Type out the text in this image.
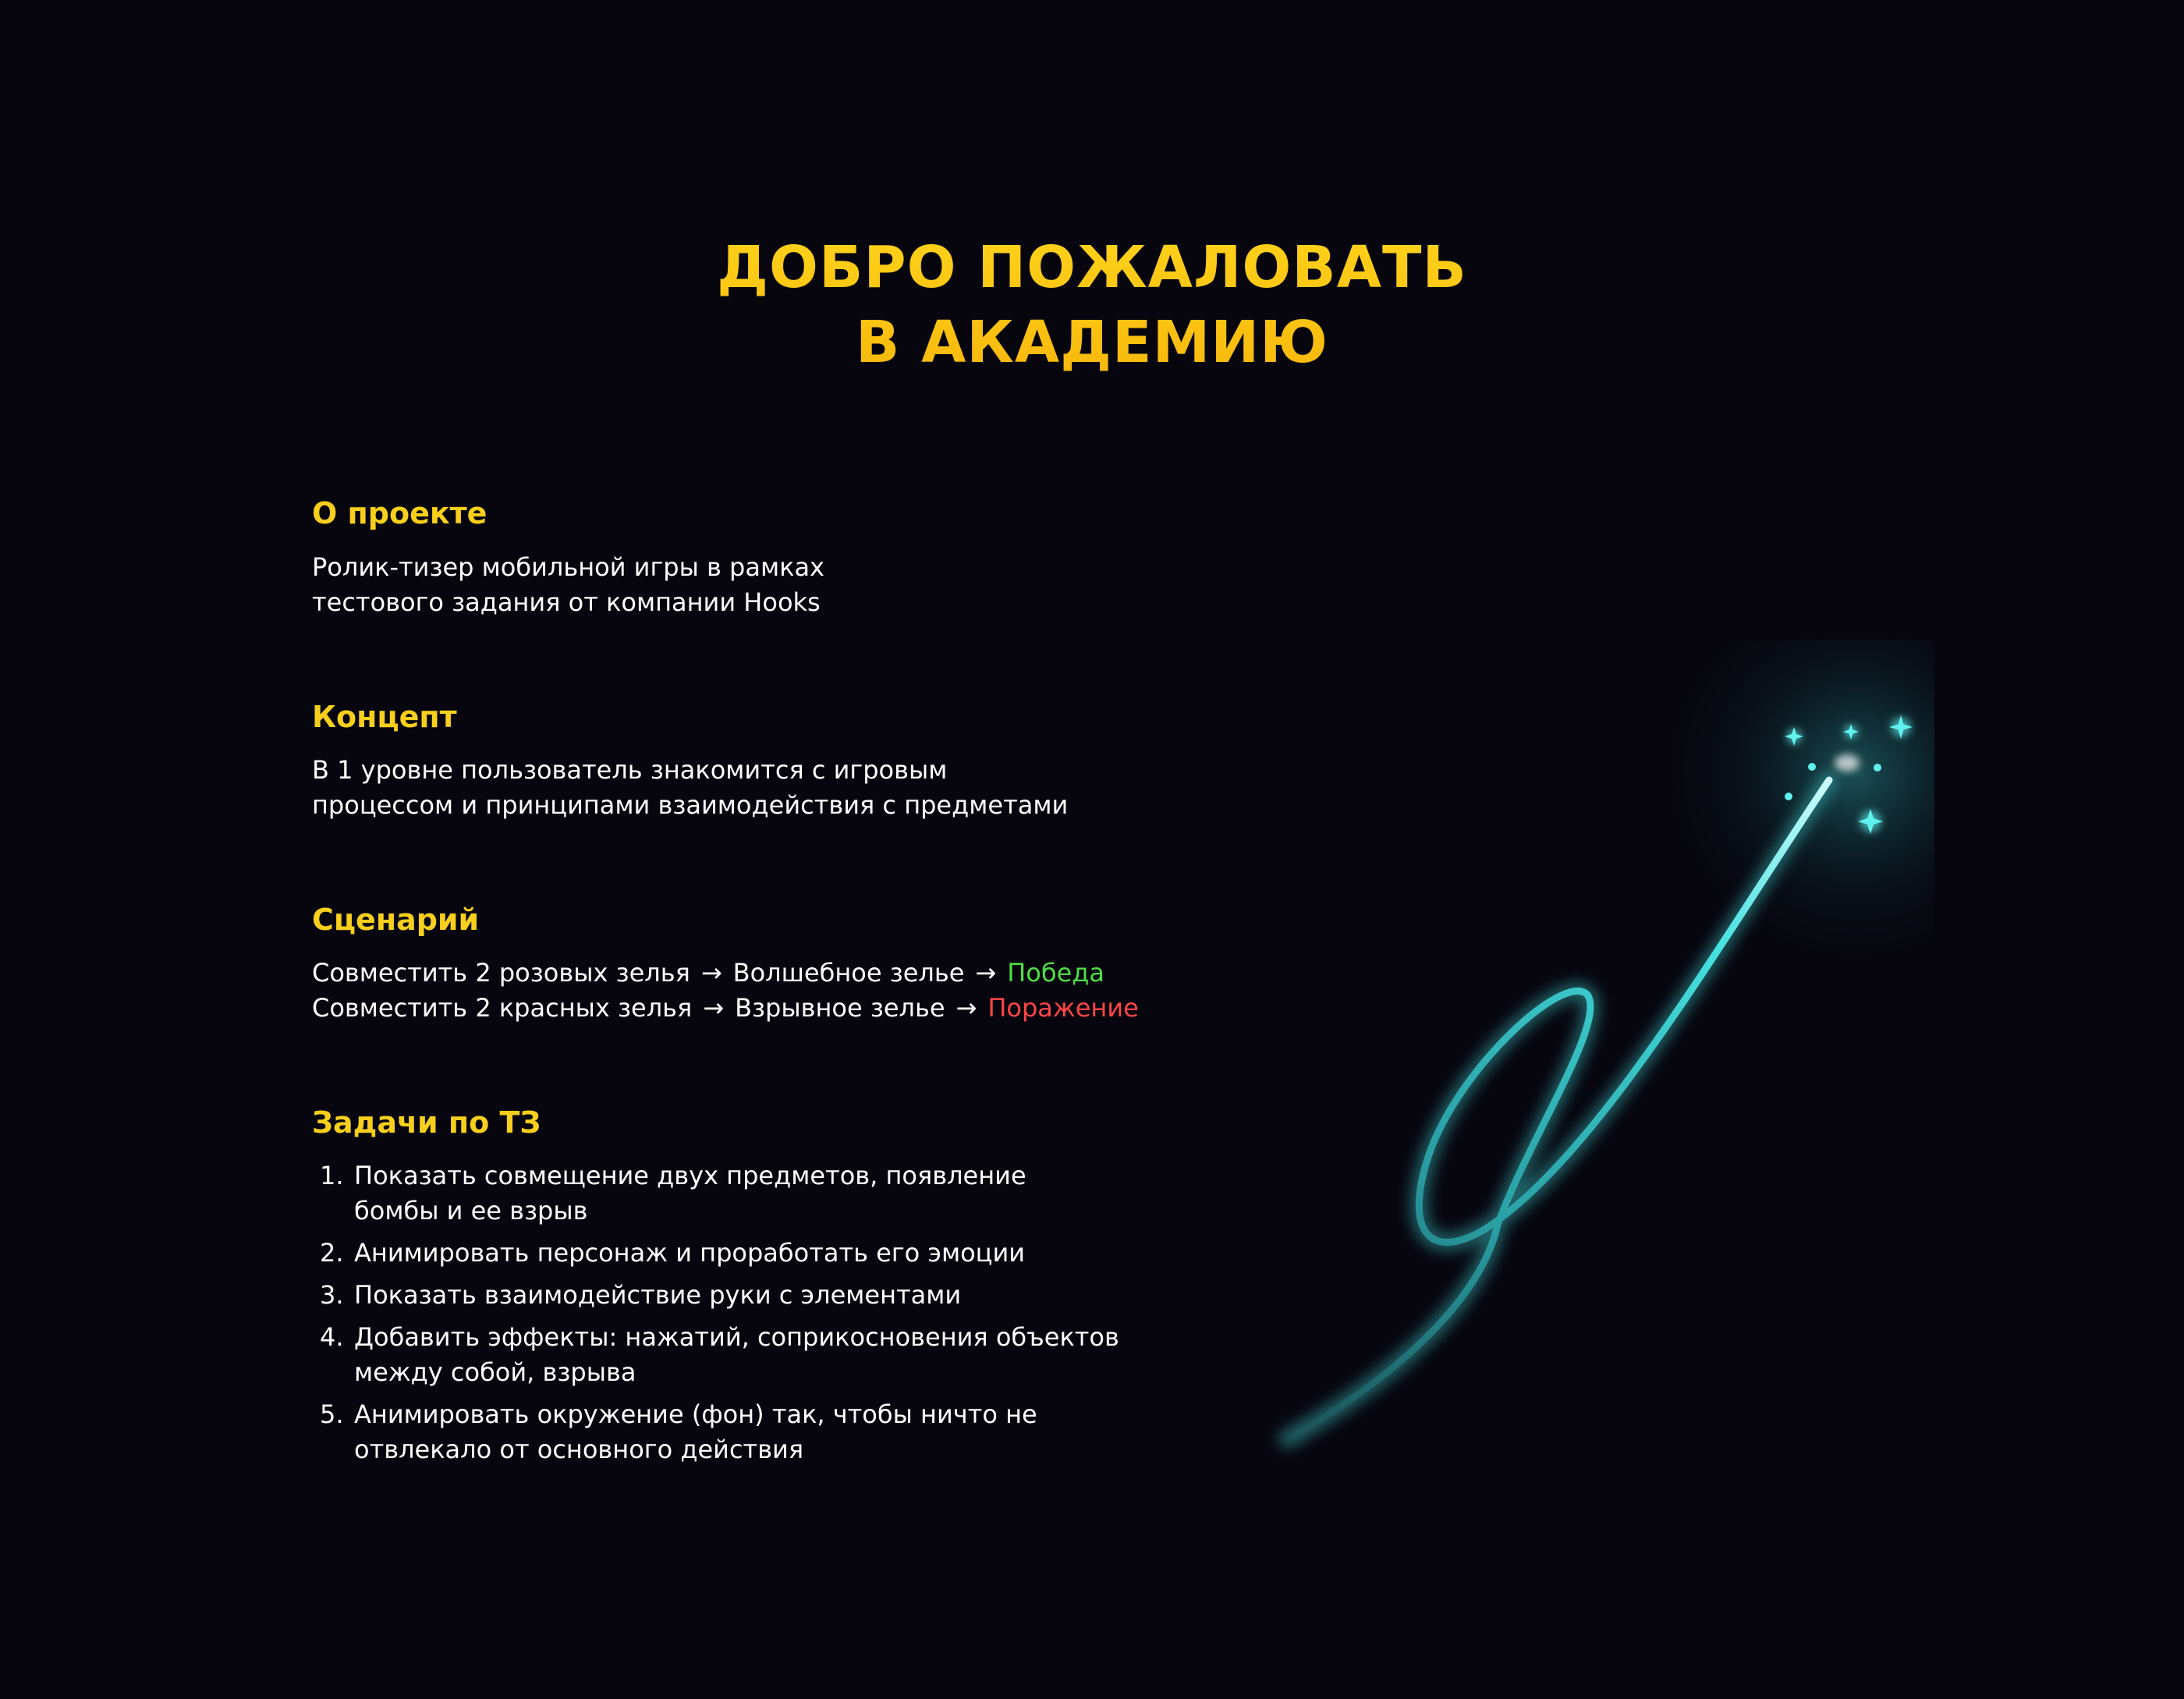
ДОБРО ПОЖАЛОВАТЬ
В АКАДЕМИЮ
О проекте
Ролик-тизер мобильной игры в рамках
тестового задания от компании Hooks
Концепт
В 1 уровне пользователь знакомится с игровым
процессом и принципами взаимодействия с предметами
Сценарий
Совместить 2 розовых зелья → Волшебное зелье → Победа
Совместить 2 красных зелья → Взрывное зелье → Поражение
Задачи по ТЗ
1. Показать совмещение двух предметов, появление
бомбы и ее взрыв
2. Анимировать персонаж и проработать его эмоции
3. Показать взаимодействие руки с элементами
4. Добавить эффекты: нажатий, соприкосновения объектов
между собой, взрыва
5. Анимировать окружение (фон) так, чтобы ничто не
отвлекало от основного действия
